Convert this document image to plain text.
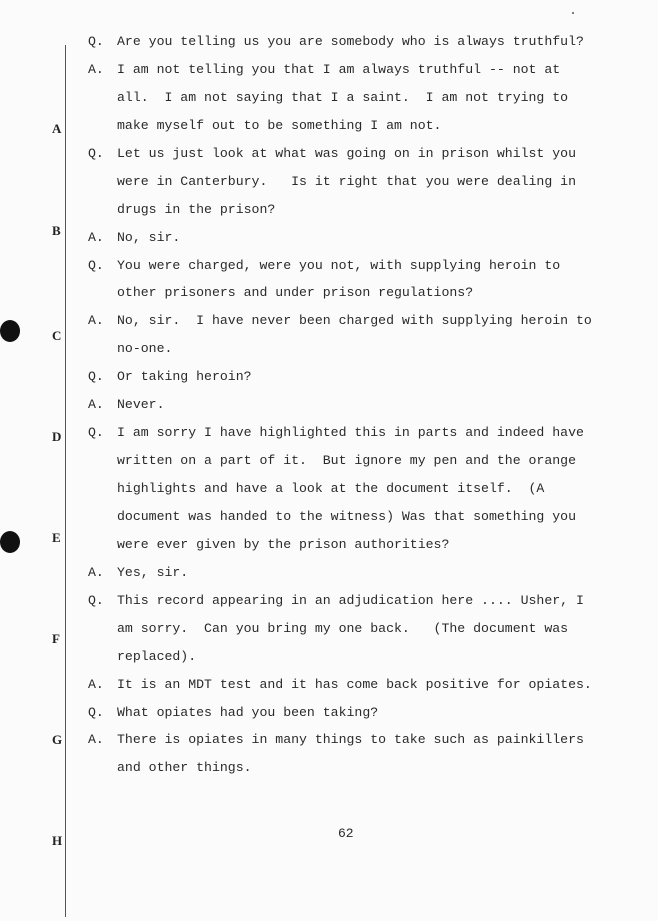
A
B
C
D
E
F
G
H
Q. Are you telling us you are somebody who is always truthful?
A. I am not telling you that I am always truthful -- not at
all.  I am not saying that I a saint.  I am not trying to
make myself out to be something I am not.
Q. Let us just look at what was going on in prison whilst you
were in Canterbury.   Is it right that you were dealing in
drugs in the prison?
A. No, sir.
Q. You were charged, were you not, with supplying heroin to
other prisoners and under prison regulations?
A. No, sir.  I have never been charged with supplying heroin to
no-one.
Q. Or taking heroin?
A. Never.
Q. I am sorry I have highlighted this in parts and indeed have
written on a part of it.  But ignore my pen and the orange
highlights and have a look at the document itself.  (A
document was handed to the witness) Was that something you
were ever given by the prison authorities?
A. Yes, sir.
Q. This record appearing in an adjudication here .... Usher, I
am sorry.  Can you bring my one back.   (The document was
replaced).
A. It is an MDT test and it has come back positive for opiates.
Q. What opiates had you been taking?
A. There is opiates in many things to take such as painkillers
and other things.
62
